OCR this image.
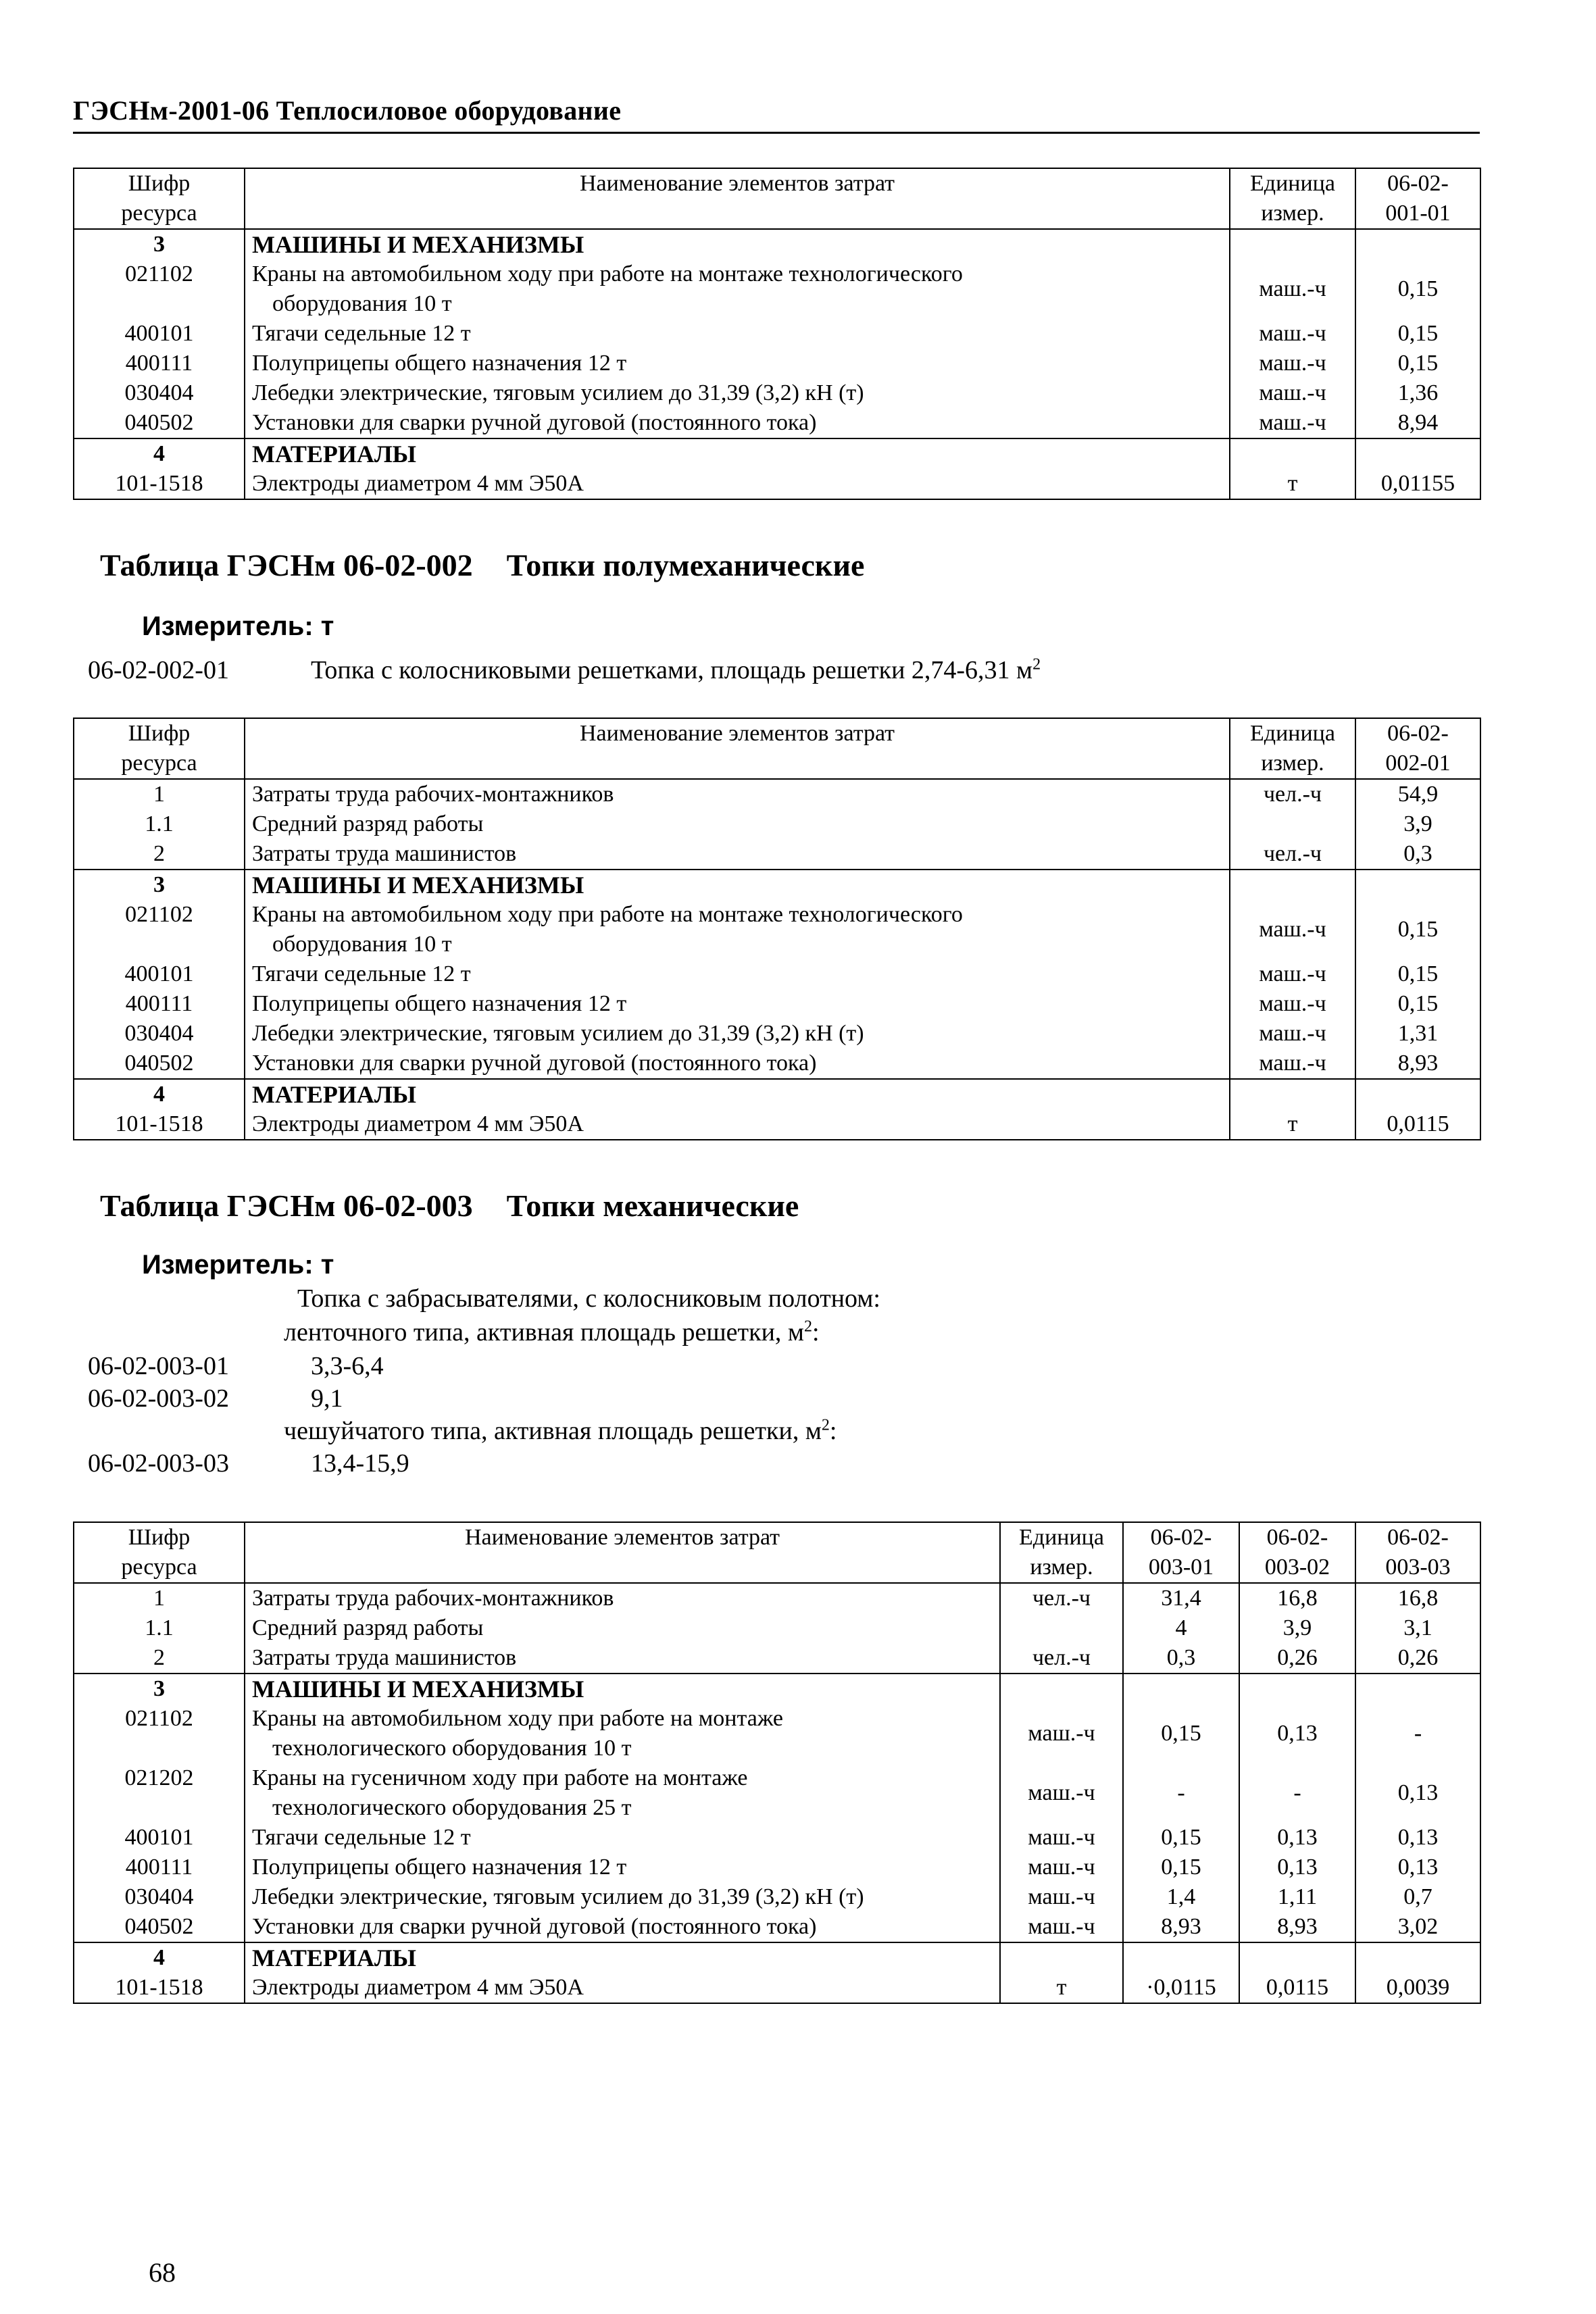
ГЭСНм-2001-06 Теплосиловое оборудование
Шифр
ресурса	Наименование элементов затрат	Единица
измер.	06-02-
001-01
3	МАШИНЫ И МЕХАНИЗМЫ		
021102	Краны на автомобильном ходу при работе на монтаже технологического
оборудования 10 т	маш.-ч	0,15
400101	Тягачи седельные 12 т	маш.-ч	0,15
400111	Полуприцепы общего назначения 12 т	маш.-ч	0,15
030404	Лебедки электрические, тяговым усилием до 31,39 (3,2) кН (т)	маш.-ч	1,36
040502	Установки для сварки ручной дуговой (постоянного тока)	маш.-ч	8,94
4	МАТЕРИАЛЫ		
101-1518	Электроды диаметром 4 мм Э50А	т	0,01155
Таблица ГЭСНм 06-02-002 Топки полумеханические
Измеритель: т
06-02-002-01	Топка с колосниковыми решетками, площадь решетки 2,74-6,31 $м^2$
Шифр
ресурса	Наименование элементов затрат	Единица
измер.	06-02-
002-01
1	Затраты труда рабочих-монтажников	чел.-ч	54,9
1.1	Средний разряд работы		3,9
2	Затраты труда машинистов	чел.-ч	0,3
3	МАШИНЫ И МЕХАНИЗМЫ		
021102	Краны на автомобильном ходу при работе на монтаже технологического
оборудования 10 т	маш.-ч	0,15
400101	Тягачи седельные 12 т	маш.-ч	0,15
400111	Полуприцепы общего назначения 12 т	маш.-ч	0,15
030404	Лебедки электрические, тяговым усилием до 31,39 (3,2) кН (т)	маш.-ч	1,31
040502	Установки для сварки ручной дуговой (постоянного тока)	маш.-ч	8,93
4	МАТЕРИАЛЫ		
101-1518	Электроды диаметром 4 мм Э50А	т	0,0115
Таблица ГЭСНм 06-02-003 Топки механические
Измеритель: т
Топка с забрасывателями, с колосниковым полотном:
ленточного типа, активная площадь решетки, $м^2$:
06-02-003-01	3,3-6,4
06-02-003-02	9,1
чешуйчатого типа, активная площадь решетки, $м^2$:
06-02-003-03	13,4-15,9
Шифр
ресурса	Наименование элементов затрат	Единица
измер.	06-02-
003-01	06-02-
003-02	06-02-
003-03
1	Затраты труда рабочих-монтажников	чел.-ч	31,4	16,8	16,8
1.1	Средний разряд работы		4	3,9	3,1
2	Затраты труда машинистов	чел.-ч	0,3	0,26	0,26
3	МАШИНЫ И МЕХАНИЗМЫ				
021102	Краны на автомобильном ходу при работе на монтаже
технологического оборудования 10 т	маш.-ч	0,15	0,13	-
021202	Краны на гусеничном ходу при работе на монтаже
технологического оборудования 25 т	маш.-ч	-	-	0,13
400101	Тягачи седельные 12 т	маш.-ч	0,15	0,13	0,13
400111	Полуприцепы общего назначения 12 т	маш.-ч	0,15	0,13	0,13
030404	Лебедки электрические, тяговым усилием до 31,39 (3,2) кН (т)	маш.-ч	1,4	1,11	0,7
040502	Установки для сварки ручной дуговой (постоянного тока)	маш.-ч	8,93	8,93	3,02
4	МАТЕРИАЛЫ				
101-1518	Электроды диаметром 4 мм Э50А	т	·0,0115	0,0115	0,0039
68
